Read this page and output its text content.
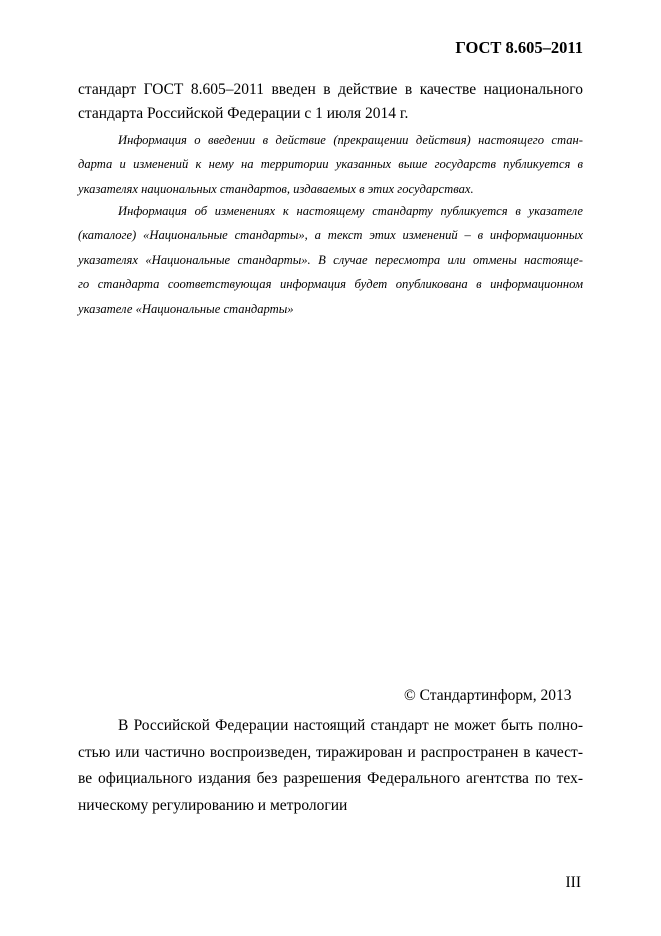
ГОСТ 8.605–2011

стандарт ГОСТ 8.605–2011 введен в действие в качестве национального
стандарта Российской Федерации с 1 июля 2014 г.

Информация о введении в действие (прекращении действия) настоящего стан-
дарта и изменений к нему на территории указанных выше государств публикуется в
указателях национальных стандартов, издаваемых в этих государствах.

Информация об изменениях к настоящему стандарту публикуется в указателе
(каталоге) «Национальные стандарты», а текст этих изменений – в информационных
указателях «Национальные стандарты». В случае пересмотра или отмены настояще-
го стандарта соответствующая информация будет опубликована в информационном
указателе «Национальные стандарты»

© Стандартинформ, 2013

В Российской Федерации настоящий стандарт не может быть полно-
стью или частично воспроизведен, тиражирован и распространен в качест-
ве официального издания без разрешения Федерального агентства по тех-
ническому регулированию и метрологии

III
